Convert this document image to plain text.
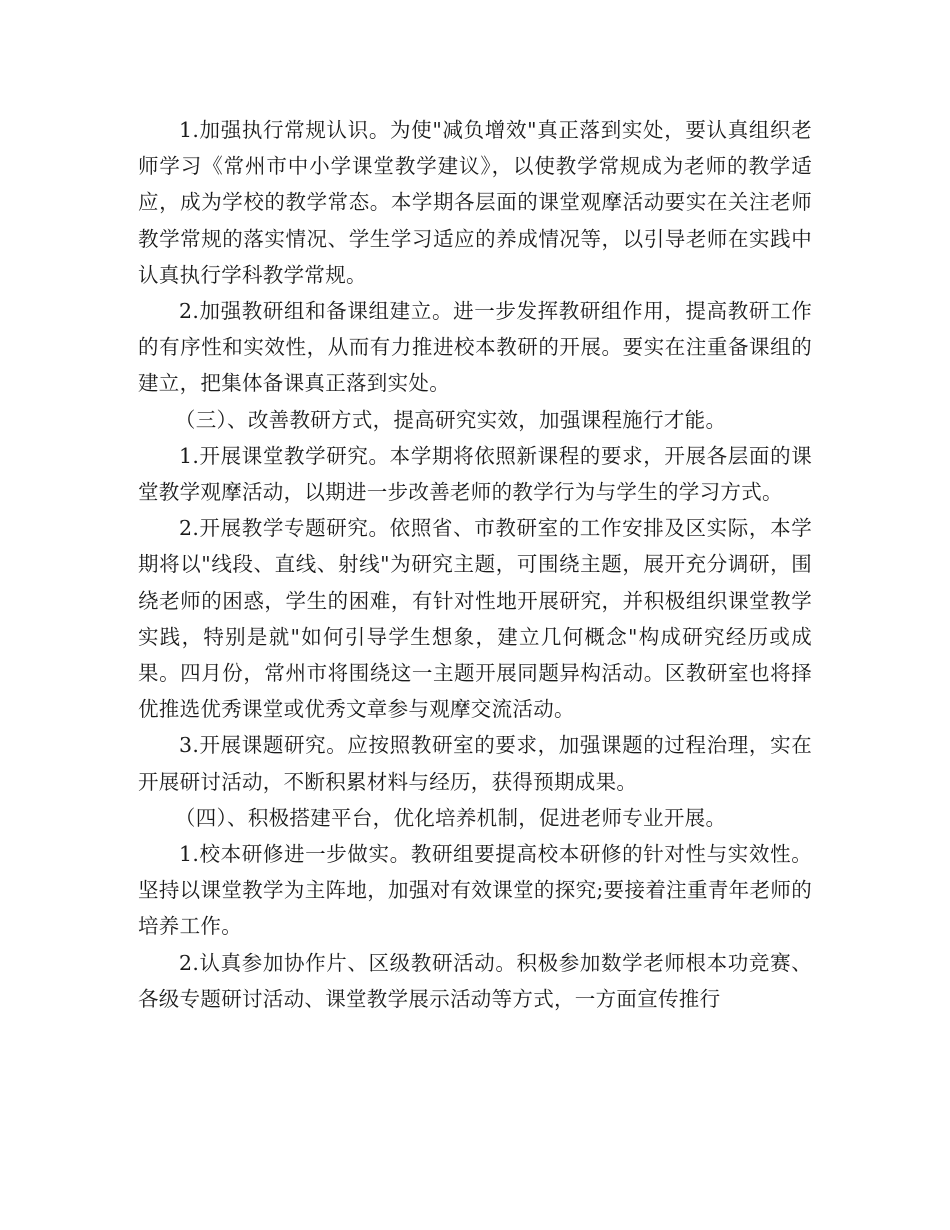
1.加强执行常规认识。为使"减负增效"真正落到实处，要认真组织老师学习《常州市中小学课堂教学建议》，以使教学常规成为老师的教学适应，成为学校的教学常态。本学期各层面的课堂观摩活动要实在关注老师教学常规的落实情况、学生学习适应的养成情况等，以引导老师在实践中认真执行学科教学常规。

2.加强教研组和备课组建立。进一步发挥教研组作用，提高教研工作的有序性和实效性，从而有力推进校本教研的开展。要实在注重备课组的建立，把集体备课真正落到实处。

（三）、改善教研方式，提高研究实效，加强课程施行才能。

1.开展课堂教学研究。本学期将依照新课程的要求，开展各层面的课堂教学观摩活动，以期进一步改善老师的教学行为与学生的学习方式。

2.开展教学专题研究。依照省、市教研室的工作安排及区实际，本学期将以"线段、直线、射线"为研究主题，可围绕主题，展开充分调研，围绕老师的困惑，学生的困难，有针对性地开展研究，并积极组织课堂教学实践，特别是就"如何引导学生想象，建立几何概念"构成研究经历或成果。四月份，常州市将围绕这一主题开展同题异构活动。区教研室也将择优推选优秀课堂或优秀文章参与观摩交流活动。

3.开展课题研究。应按照教研室的要求，加强课题的过程治理，实在开展研讨活动，不断积累材料与经历，获得预期成果。

（四）、积极搭建平台，优化培养机制，促进老师专业开展。

1.校本研修进一步做实。教研组要提高校本研修的针对性与实效性。坚持以课堂教学为主阵地，加强对有效课堂的探究;要接着注重青年老师的培养工作。

2.认真参加协作片、区级教研活动。积极参加数学老师根本功竞赛、各级专题研讨活动、课堂教学展示活动等方式，一方面宣传推行
